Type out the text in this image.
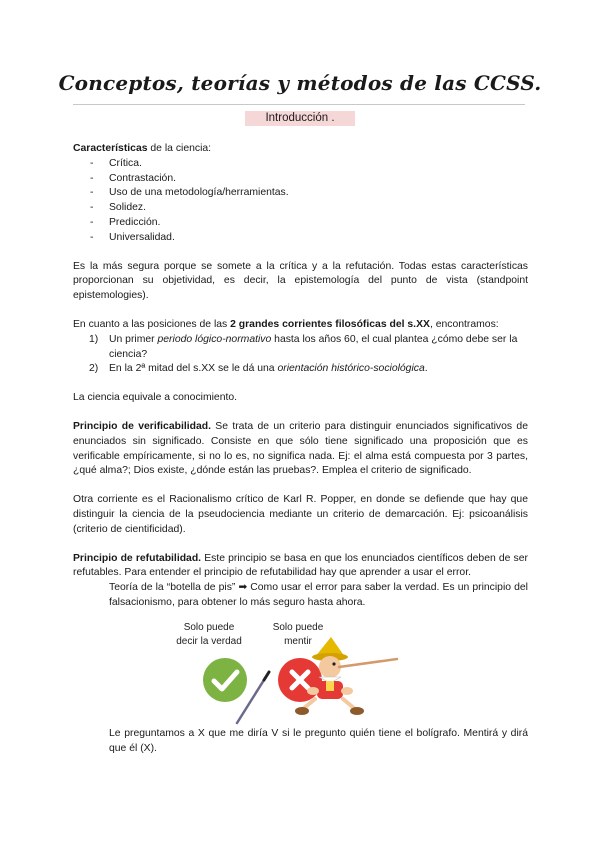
Conceptos, teorías y métodos de las CCSS.
Introducción .

Características de la ciencia:

- Crítica.
- Contrastación.
- Uso de una metodología/herramientas.
- Solidez.
- Predicción.
- Universalidad.

Es la más segura porque se somete a la crítica y a la refutación. Todas estas características proporcionan su objetividad, es decir, la epistemología del punto de vista (standpoint epistemologies).

En cuanto a las posiciones de las 2 grandes corrientes filosóficas del s.XX, encontramos:

1) Un primer periodo lógico-normativo hasta los años 60, el cual plantea ¿cómo debe ser la ciencia?
2) En la 2ª mitad del s.XX se le dá una orientación histórico-sociológica.

La ciencia equivale a conocimiento.

Principio de verificabilidad. Se trata de un criterio para distinguir enunciados significativos de enunciados sin significado. Consiste en que sólo tiene significado una proposición que es verificable empíricamente, si no lo es, no significa nada. Ej: el alma está compuesta por 3 partes, ¿qué alma?; Dios existe, ¿dónde están las pruebas?. Emplea el criterio de significado.

Otra corriente es el Racionalismo crítico de Karl R. Popper, en donde se defiende que hay que distinguir la ciencia de la pseudociencia mediante un criterio de demarcación. Ej: psicoanálisis (criterio de cientificidad).

Principio de refutabilidad. Este principio se basa en que los enunciados científicos deben de ser refutables. Para entender el principio de refutabilidad hay que aprender a usar el error.

Teoría de la “botella de pis” ➡ Como usar el error para saber la verdad. Es un principio del falsacionismo, para obtener lo más seguro hasta ahora.

Solo puede
decir la verdad
Solo puede
mentir

Le preguntamos a X que me diría V si le pregunto quién tiene el bolígrafo. Mentirá y dirá que él (X).
